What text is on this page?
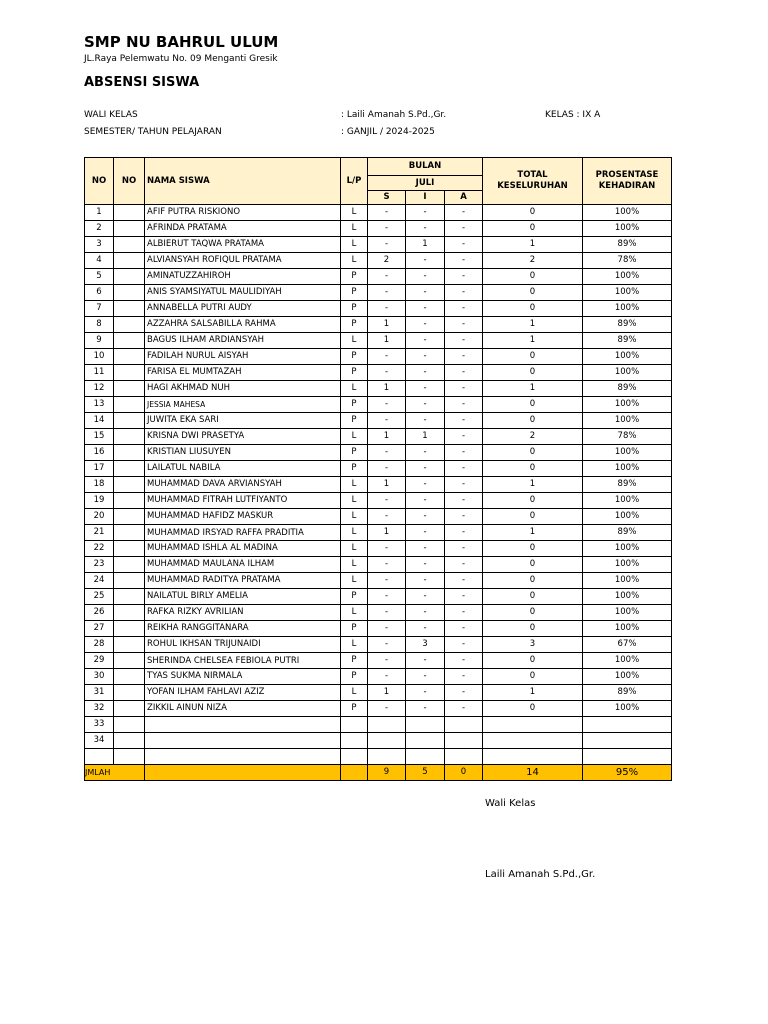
SMP NU BAHRUL ULUM
JL.Raya Pelemwatu No. 09 Menganti Gresik
ABSENSI SISWA
WALI KELAS	: Laili Amanah S.Pd.,Gr.	KELAS : IX A
SEMESTER/ TAHUN PELAJARAN	: GANJIL / 2024-2025
NO	NO	NAMA SISWA	L/P	BULAN			TOTAL KESELURUHAN	PROSENTASE KEHADIRAN
				JULI				
				S	I	A		
1		AFIF PUTRA RISKIONO	L	-	-	-	0	100%
2		AFRINDA PRATAMA	L	-	-	-	0	100%
3		ALBIERUT TAQWA PRATAMA	L	-	1	-	1	89%
4		ALVIANSYAH ROFIQUL PRATAMA	L	2	-	-	2	78%
5		AMINATUZZAHIROH	P	-	-	-	0	100%
6		ANIS SYAMSIYATUL MAULIDIYAH	P	-	-	-	0	100%
7		ANNABELLA PUTRI AUDY	P	-	-	-	0	100%
8		AZZAHRA SALSABILLA RAHMA	P	1	-	-	1	89%
9		BAGUS ILHAM ARDIANSYAH	L	1	-	-	1	89%
10		FADILAH NURUL AISYAH	P	-	-	-	0	100%
11		FARISA EL MUMTAZAH	P	-	-	-	0	100%
12		HAGI AKHMAD NUH	L	1	-	-	1	89%
13		JESSIA MAHESA	P	-	-	-	0	100%
14		JUWITA EKA SARI	P	-	-	-	0	100%
15		KRISNA DWI PRASETYA	L	1	1	-	2	78%
16		KRISTIAN LIUSUYEN	P	-	-	-	0	100%
17		LAILATUL NABILA	P	-	-	-	0	100%
18		MUHAMMAD DAVA ARVIANSYAH	L	1	-	-	1	89%
19		MUHAMMAD FITRAH LUTFIYANTO	L	-	-	-	0	100%
20		MUHAMMAD HAFIDZ MASKUR	L	-	-	-	0	100%
21		MUHAMMAD IRSYAD RAFFA PRADITIA	L	1	-	-	1	89%
22		MUHAMMAD ISHLA AL MADINA	L	-	-	-	0	100%
23		MUHAMMAD MAULANA ILHAM	L	-	-	-	0	100%
24		MUHAMMAD RADITYA PRATAMA	L	-	-	-	0	100%
25		NAILATUL BIRLY AMELIA	P	-	-	-	0	100%
26		RAFKA RIZKY AVRILIAN	L	-	-	-	0	100%
27		REIKHA RANGGITANARA	P	-	-	-	0	100%
28		ROHUL IKHSAN TRIJUNAIDI	L	-	3	-	3	67%
29		SHERINDA CHELSEA FEBIOLA PUTRI	P	-	-	-	0	100%
30		TYAS SUKMA NIRMALA	P	-	-	-	0	100%
31		YOFAN ILHAM FAHLAVI AZIZ	L	1	-	-	1	89%
32		ZIKKIL AINUN NIZA	P	-	-	-	0	100%
33								
34								

JMLAH				9	5	0	14	95%
Wali Kelas
Laili Amanah S.Pd.,Gr.
